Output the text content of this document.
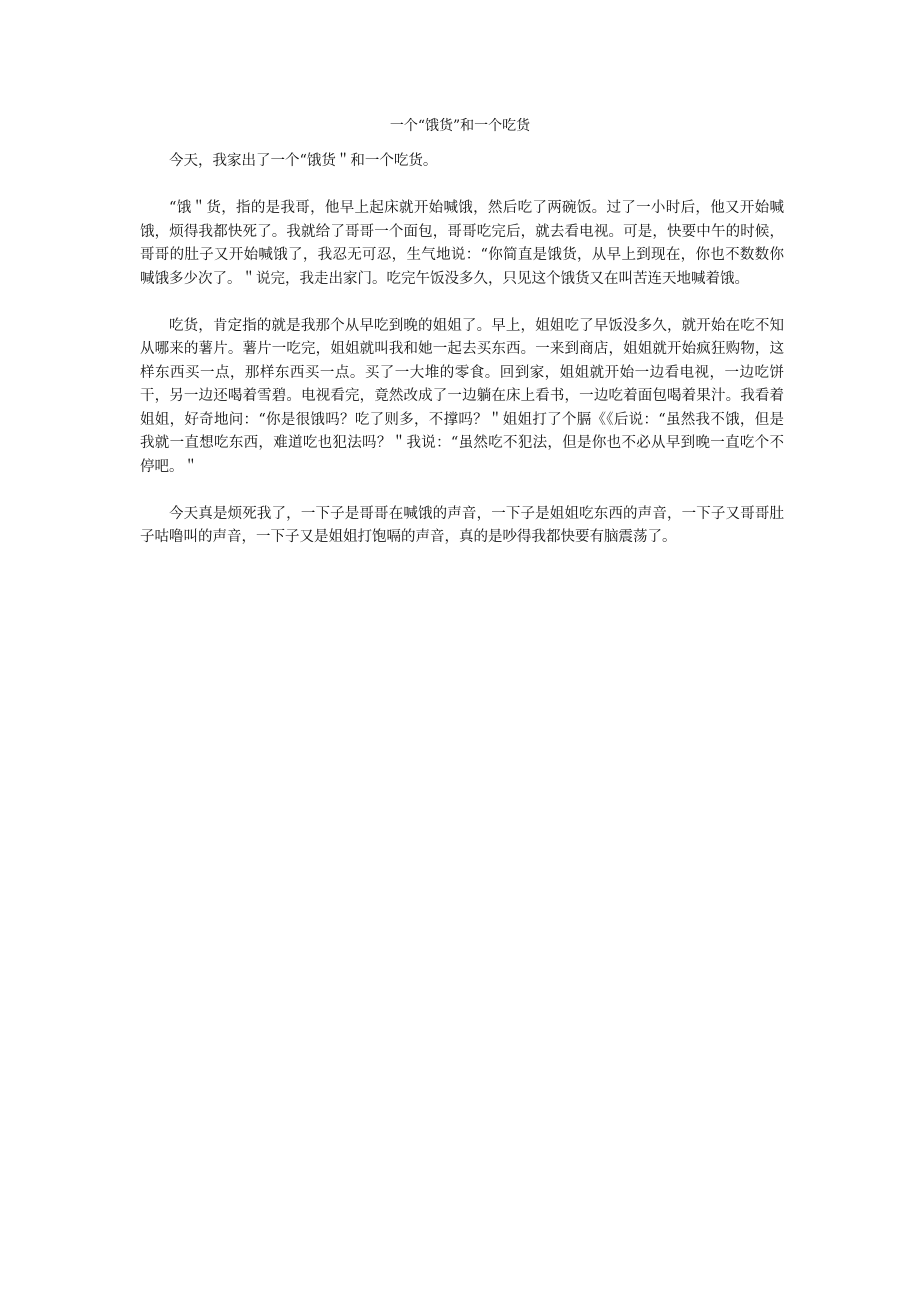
一个“饿货”和一个吃货

今天，我家出了一个“饿货＂和一个吃货。

“饿＂货，指的是我哥，他早上起床就开始喊饿，然后吃了两碗饭。过了一小时后，他又开始喊饿，烦得我都快死了。我就给了哥哥一个面包，哥哥吃完后，就去看电视。可是，快要中午的时候，哥哥的肚子又开始喊饿了，我忍无可忍，生气地说：“你简直是饿货，从早上到现在，你也不数数你喊饿多少次了。＂说完，我走出家门。吃完午饭没多久，只见这个饿货又在叫苦连天地喊着饿。

吃货，肯定指的就是我那个从早吃到晚的姐姐了。早上，姐姐吃了早饭没多久，就开始在吃不知从哪来的薯片。薯片一吃完，姐姐就叫我和她一起去买东西。一来到商店，姐姐就开始疯狂购物，这样东西买一点，那样东西买一点。买了一大堆的零食。回到家，姐姐就开始一边看电视，一边吃饼干，另一边还喝着雪碧。电视看完，竟然改成了一边躺在床上看书，一边吃着面包喝着果汁。我看着姐姐，好奇地问：“你是很饿吗？吃了则多，不撑吗？＂姐姐打了个膈《《后说：“虽然我不饿，但是我就一直想吃东西，难道吃也犯法吗？＂我说：“虽然吃不犯法，但是你也不必从早到晚一直吃个不停吧。＂

今天真是烦死我了，一下子是哥哥在喊饿的声音，一下子是姐姐吃东西的声音，一下子又哥哥肚子咕噜叫的声音，一下子又是姐姐打饱嗝的声音，真的是吵得我都快要有脑震荡了。
